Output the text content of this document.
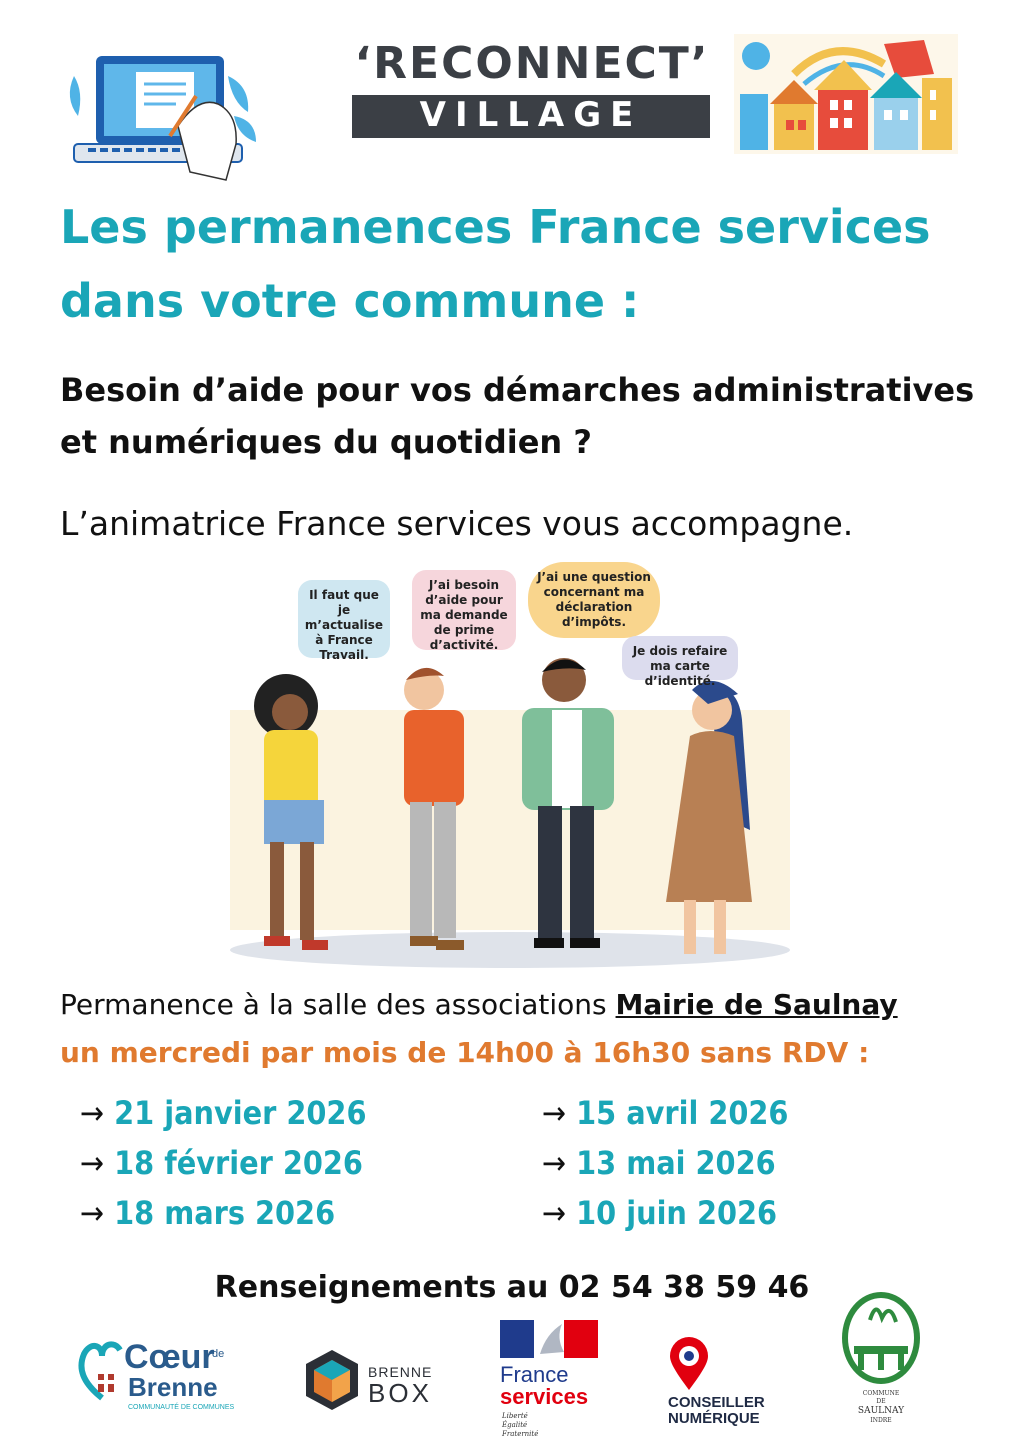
‘RECONNECT’
VILLAGE
Les permanences France services
dans votre commune :
Besoin d’aide pour vos démarches administratives
et numériques du quotidien ?
L’animatrice France services vous accompagne.
Il faut que je m’actualise à France Travail.
J’ai besoin d’aide pour ma demande de prime d’activité.
J’ai une question concernant ma déclaration d’impôts.
Je dois refaire ma carte d’identité.
Permanence à la salle des associations Mairie de Saulnay
un mercredi par mois de 14h00 à 16h30 sans RDV :
→ 21 janvier 2026
→ 18 février 2026
→ 18 mars 2026
→ 15 avril 2026
→ 13 mai 2026
→ 10 juin 2026
Renseignements au 02 54 38 59 46
Cœur
de
Brenne
COMMUNAUTÉ DE COMMUNES
BRENNE
BOX
France
services
Liberté
Égalité
Fraternité
CONSEILLER
NUMÉRIQUE
COMMUNE
DE
SAULNAY
INDRE
